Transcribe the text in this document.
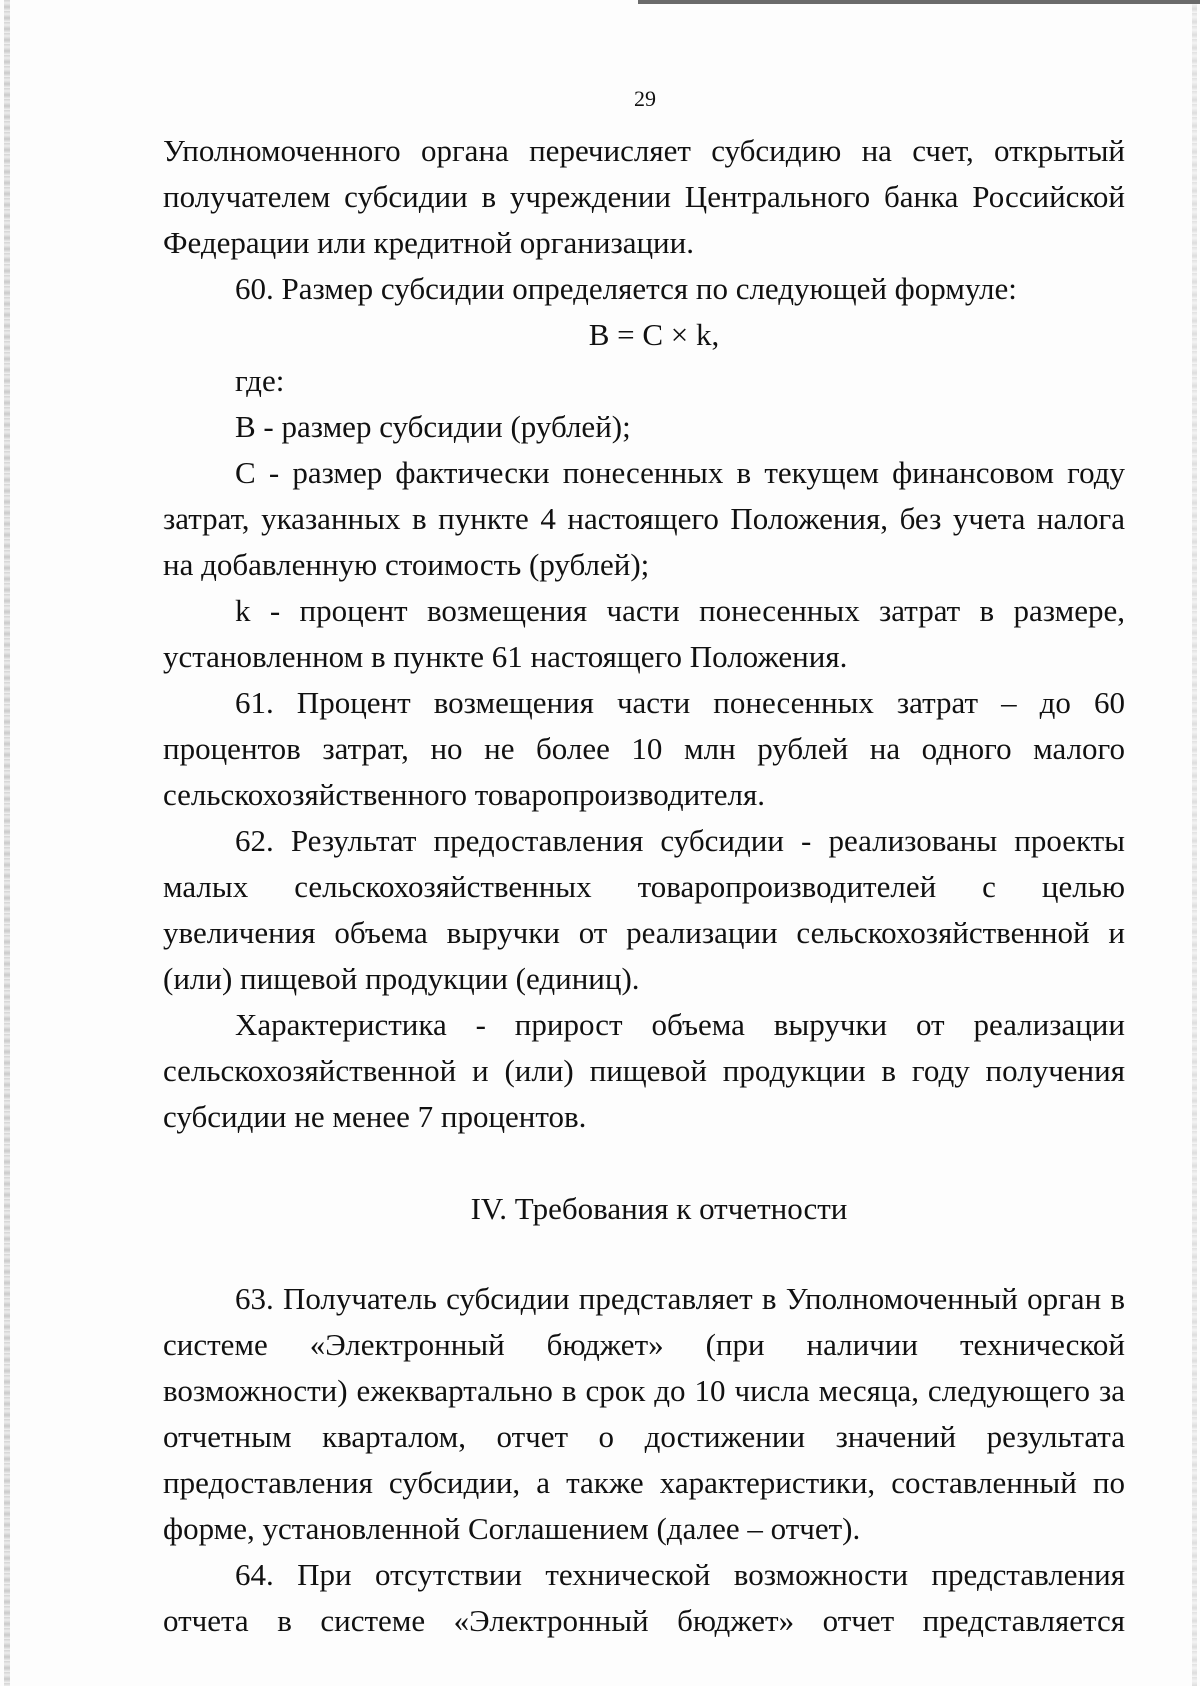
29

Уполномоченного органа перечисляет субсидию на счет, открытый получателем субсидии в учреждении Центрального банка Российской Федерации или кредитной организации.

60. Размер субсидии определяется по следующей формуле:

B = C × k,

где:

B - размер субсидии (рублей);

C - размер фактически понесенных в текущем финансовом году затрат, указанных в пункте 4 настоящего Положения, без учета налога на добавленную стоимость (рублей);

k - процент возмещения части понесенных затрат в размере, установленном в пункте 61 настоящего Положения.

61. Процент возмещения части понесенных затрат – до 60 процентов затрат, но не более 10 млн рублей на одного малого сельскохозяйственного товаропроизводителя.

62. Результат предоставления субсидии - реализованы проекты малых сельскохозяйственных товаропроизводителей с целью увеличения объема выручки от реализации сельскохозяйственной и (или) пищевой продукции (единиц).

Характеристика - прирост объема выручки от реализации сельскохозяйственной и (или) пищевой продукции в году получения субсидии не менее 7 процентов.

IV. Требования к отчетности

63. Получатель субсидии представляет в Уполномоченный орган в системе «Электронный бюджет» (при наличии технической возможности) ежеквартально в срок до 10 числа месяца, следующего за отчетным кварталом, отчет о достижении значений результата предоставления субсидии, а также характеристики, составленный по форме, установленной Соглашением (далее – отчет).

64. При отсутствии технической возможности представления отчета в системе «Электронный бюджет» отчет представляется
